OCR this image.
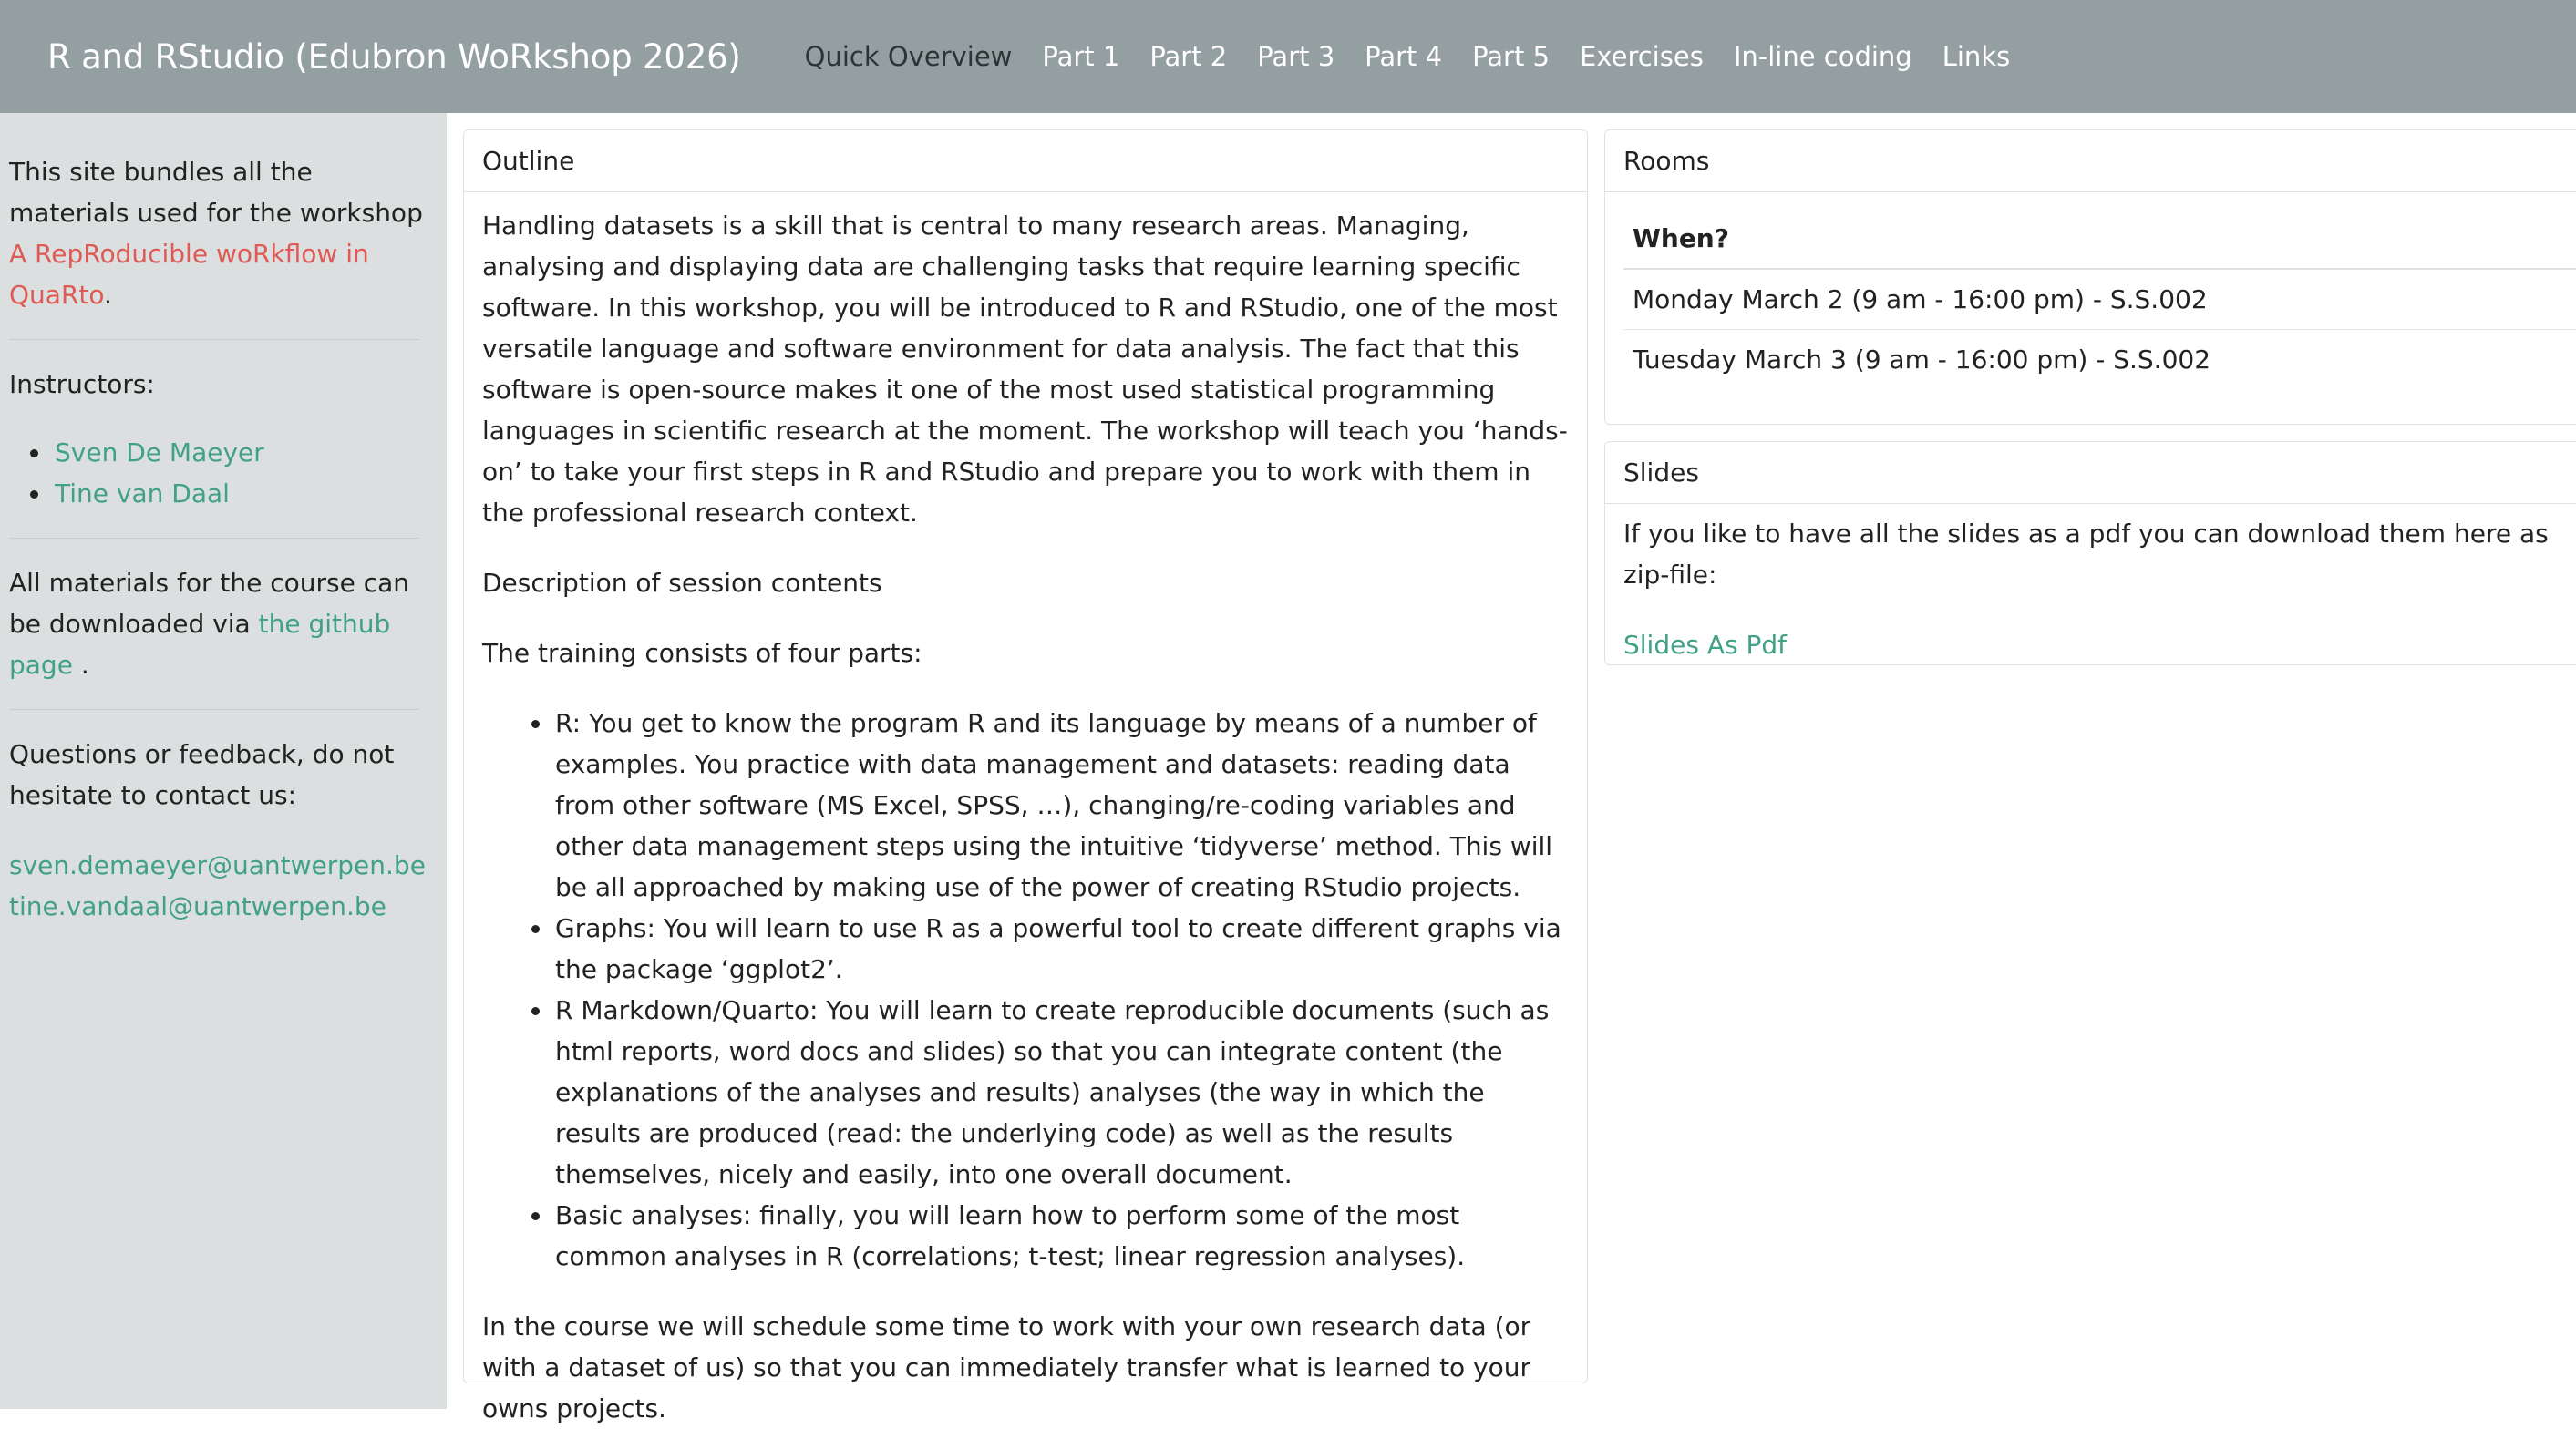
R and RStudio (Edubron WoRkshop 2026) Quick Overview Part 1 Part 2 Part 3 Part 4 Part 5 Exercises In-line coding Links

This site bundles all the materials used for the workshop A RepRoducible woRkflow in QuaRto.

Instructors:

Sven De Maeyer
Tine van Daal

All materials for the course can be downloaded via the github page .

Questions or feedback, do not hesitate to contact us:

sven.demaeyer@uantwerpen.be
tine.vandaal@uantwerpen.be

Outline

Handling datasets is a skill that is central to many research areas. Managing, analysing and displaying data are challenging tasks that require learning specific software. In this workshop, you will be introduced to R and RStudio, one of the most versatile language and software environment for data analysis. The fact that this software is open-source makes it one of the most used statistical programming languages in scientific research at the moment. The workshop will teach you ‘hands-on’ to take your first steps in R and RStudio and prepare you to work with them in the professional research context.

Description of session contents

The training consists of four parts:

R: You get to know the program R and its language by means of a number of examples. You practice with data management and datasets: reading data from other software (MS Excel, SPSS, …), changing/re-coding variables and other data management steps using the intuitive ‘tidyverse’ method. This will be all approached by making use of the power of creating RStudio projects.
Graphs: You will learn to use R as a powerful tool to create different graphs via the package ‘ggplot2’.
R Markdown/Quarto: You will learn to create reproducible documents (such as html reports, word docs and slides) so that you can integrate content (the explanations of the analyses and results) analyses (the way in which the results are produced (read: the underlying code) as well as the results themselves, nicely and easily, into one overall document.
Basic analyses: finally, you will learn how to perform some of the most common analyses in R (correlations; t-test; linear regression analyses).

In the course we will schedule some time to work with your own research data (or with a dataset of us) so that you can immediately transfer what is learned to your owns projects.

Rooms
When?
Monday March 2 (9 am - 16:00 pm) - S.S.002
Tuesday March 3 (9 am - 16:00 pm) - S.S.002
Slides

If you like to have all the slides as a pdf you can download them here as zip-file:

Slides As Pdf
